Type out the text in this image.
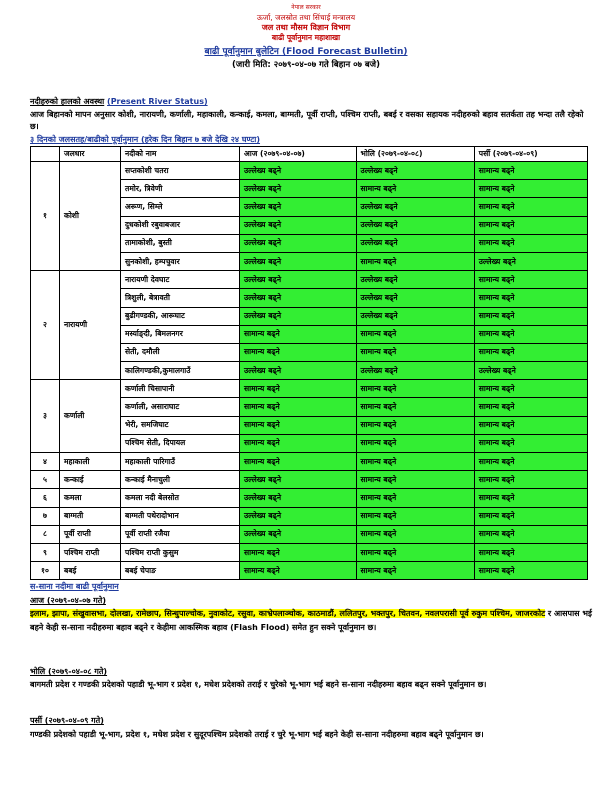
नेपाल सरकार
ऊर्जा, जलस्रोत तथा सिंचाई मन्त्रालय
जल तथा मौसम विज्ञान विभाग
बाढी पूर्वानुमान महाशाखा
बाढी पूर्वानुमान बुलेटिन (Flood Forecast Bulletin)
(जारी मिति: २०७९-०४-०७ गते बिहान ०७ बजे)
नदीहरुको हालको अवस्था (Present River Status)
आज बिहानको मापन अनुसार कोशी, नारायणी, कर्णाली, महाकाली, कन्काई, कमला, बाग्मती, पूर्वी राप्ती, पश्चिम राप्ती, बबई र वसका सहायक नदीहरुको बहाव सतर्कता तह भन्दा तलै रहेको छ।
३ दिनको जलसतह/बाढीको पूर्वानुमान (हरेक दिन बिहान ७ बजे देखि २४ घण्टा)
	जलधार	नदीको नाम	आज (२०७९-०४-०७)	भोलि (२०७९-०४-०८)	पर्सी (२०७९-०४-०९)
१	कोशी	सप्तकोशी चतरा	उल्लेख्य बढ्ने	उल्लेख्य बढ्ने	सामान्य बढ्ने
		तमोर, त्रिवेणी	उल्लेख्य बढ्ने	सामान्य बढ्ने	सामान्य बढ्ने
		अरूण, सिम्ले	उल्लेख्य बढ्ने	उल्लेख्य बढ्ने	सामान्य बढ्ने
		दुधकोशी रबुवाबजार	उल्लेख्य बढ्ने	उल्लेख्य बढ्ने	सामान्य बढ्ने
		तामाकोशी, बुस्ती	उल्लेख्य बढ्ने	उल्लेख्य बढ्ने	सामान्य बढ्ने
		सुनकोशी, हम्पचुवार	उल्लेख्य बढ्ने	सामान्य बढ्ने	उल्लेख्य बढ्ने
२	नारायणी	नारायणी देवघाट	उल्लेख्य बढ्ने	उल्लेख्य बढ्ने	सामान्य बढ्ने
		त्रिशुली, बेत्रावती	उल्लेख्य बढ्ने	उल्लेख्य बढ्ने	सामान्य बढ्ने
		बुढीगण्डकी, आरूघाट	उल्लेख्य बढ्ने	उल्लेख्य बढ्ने	सामान्य बढ्ने
		मर्स्याङ्दी, बिमलनगर	सामान्य बढ्ने	सामान्य बढ्ने	सामान्य बढ्ने
		सेती, दमौली	सामान्य बढ्ने	सामान्य बढ्ने	सामान्य बढ्ने
		कालिगण्डकी,कुमालगाउँ	उल्लेख्य बढ्ने	उल्लेख्य बढ्ने	उल्लेख्य बढ्ने
३	कर्णाली	कर्णाली चिसापानी	सामान्य बढ्ने	सामान्य बढ्ने	सामान्य बढ्ने
		कर्णाली, असाराघाट	सामान्य बढ्ने	सामान्य बढ्ने	सामान्य बढ्ने
		भेरी, समजिघाट	सामान्य बढ्ने	सामान्य बढ्ने	सामान्य बढ्ने
		पश्चिम सेती, दिपायल	सामान्य बढ्ने	सामान्य बढ्ने	सामान्य बढ्ने
४	महाकाली	महाकाली पारिगाउँ	सामान्य बढ्ने	सामान्य बढ्ने	सामान्य बढ्ने
५	कन्काई	कन्काई मैनाचुली	उल्लेख्य बढ्ने	सामान्य बढ्ने	सामान्य बढ्ने
६	कमला	कमला नदी बेलसोत	उल्लेख्य बढ्ने	सामान्य बढ्ने	सामान्य बढ्ने
७	बाग्मती	बाग्मती पथेरादोभान	उल्लेख्य बढ्ने	सामान्य बढ्ने	सामान्य बढ्ने
८	पूर्वी राप्ती	पूर्वी राप्ती रजैया	उल्लेख्य बढ्ने	सामान्य बढ्ने	सामान्य बढ्ने
९	पश्चिम राप्ती	पश्चिम राप्ती कुसुम	सामान्य बढ्ने	सामान्य बढ्ने	सामान्य बढ्ने
१०	बबई	बबई चेपाङ	सामान्य बढ्ने	सामान्य बढ्ने	सामान्य बढ्ने
स-साना नदीमा बाढी पूर्वानुमान
आज (२०७९-०४-०७ गते)
इलाम, झापा, संखुवासभा, दोलखा, रामेछाप, सिन्धुपाल्चोक, नुवाकोट, रसुवा, काभ्रेपलाञ्चोक, काठमाडौं, ललितपुर, भक्तपुर, चितवन, नवलपरासी पूर्व रुकुम पश्चिम, जाजरकोट र आसपास भई बहने केही स-साना नदीहरुमा बहाव बढ्ने र केहीमा आकस्मिक बहाव (Flash Flood) समेत हुन सक्ने पूर्वानुमान छ।
भोलि (२०७९-०४-०८ गते)
बागमती प्रदेश र गण्डकी प्रदेशको पहाडी भू-भाग र प्रदेश १, मधेश प्रदेशको तराई र चुरेको भू-भाग भई बहने स-साना नदीहरुमा बहाव बढ्न सक्ने पूर्वानुमान छ।
पर्सी (२०७९-०४-०९ गते)
गण्डकी प्रदेशको पहाडी भू-भाग, प्रदेश १, मधेश प्रदेश र सुदूरपश्चिम प्रदेशको तराई र चुरे भू-भाग भई बहने केही स-साना नदीहरुमा बहाव बढ्ने पूर्वानुमान छ।
